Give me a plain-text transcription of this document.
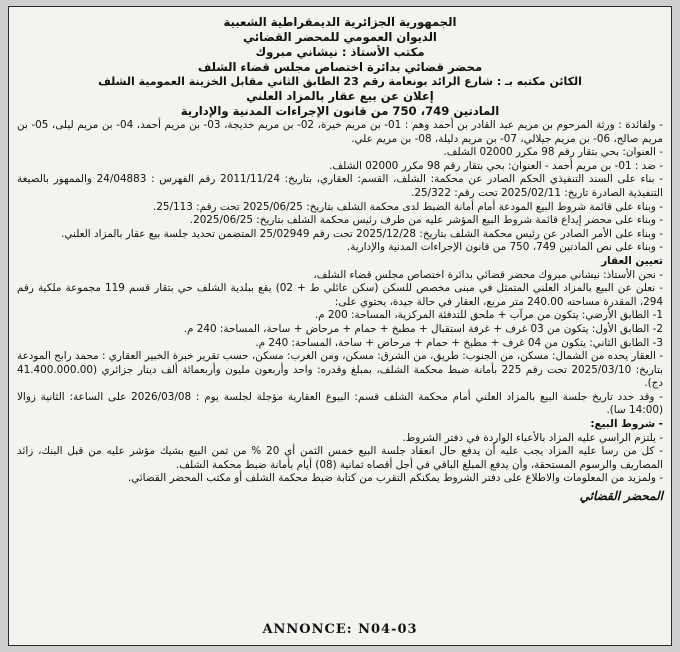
الجمهورية الجزائرية الديمقراطية الشعبية
الديوان العمومي للمحضر القضائي
مكتب الأستاذ : نيشاني مبروك
محضر قضائي بدائرة اختصاص مجلس قضاء الشلف
الكائن مكتبه بـ : شارع الرائد بونعامة رقم 23 الطابق الثاني مقابل الخزينة العمومية الشلف
إعلان عن بيع عقار بالمزاد العلني
المادتين 749، 750 من قانون الإجراءات المدنية والإدارية

- ولفائدة : ورثة المرحوم بن مريم عبد القادر بن أحمد وهم : 01- بن مريم خيرة، 02- بن مريم خديجة، 03- بن مريم أحمد، 04- بن مريم ليلى، 05- بن مريم صالح، 06- بن مريم جيلالي، 07- بن مريم دليلة، 08- بن مريم علي.

- العنوان: بحي بتقار رقم 98 مكرر 02000 الشلف.

- ضد : 01- بن مريم أحمد - العنوان: بحي بتقار رقم 98 مكرر 02000 الشلف.

- بناء على السند التنفيذي الحكم الصادر عن محكمة: الشلف، القسم: العقاري، بتاريخ: 2011/11/24 رقم الفهرس : 24/04883 والممهور بالصيغة التنفيذية الصادرة تاريخ: 2025/02/11 تحت رقم: 25/322.

- وبناء على قائمة شروط البيع المودعة أمام أمانة الضبط لدى محكمة الشلف بتاريخ: 2025/06/25 تحت رقم: 25/113.

- وبناء على محضر إيداع قائمة شروط البيع المؤشر عليه من طرف رئيس محكمة الشلف بتاريخ: 2025/06/25.

- وبناء على الأمر الصادر عن رئيس محكمة الشلف بتاريخ: 2025/12/28 تحت رقم 25/02949 المتضمن تحديد جلسة بيع عقار بالمزاد العلني.

- وبناء على نص المادتين 749، 750 من قانون الإجراءات المدنية والإدارية.

تعيين العقار

- نحن الأستاذ: نيشاني مبروك محضر قضائي بدائرة اختصاص مجلس قضاء الشلف،

- نعلن عن البيع بالمزاد العلني المتمثل في مبنى مخصص للسكن (سكن عائلي ط + 02) يقع ببلدية الشلف حي بتقار قسم 119 مجموعة ملكية رقم 294، المقدرة مساحته 240.00 متر مربع، العقار في حالة جيدة، يحتوي على:

1- الطابق الأرضي: يتكون من مرآب + ملحق للتدفئة المركزية، المساحة: 200 م.

2- الطابق الأول: يتكون من 03 غرف + غرفة استقبال + مطبخ + حمام + مرحاض + ساحة، المساحة: 240 م.

3- الطابق الثاني: يتكون من 04 غرف + مطبخ + حمام + مرحاض + ساحة، المساحة: 240 م.

- العقار يحده من الشمال: مسكن، من الجنوب: طريق، من الشرق: مسكن، ومن الغرب: مسكن، حسب تقرير خبرة الخبير العقاري : محمد رابح المودعة بتاريخ: 2025/03/10 تحت رقم 225 بأمانة ضبط محكمة الشلف، بمبلغ وقدره: واحد وأربعون مليون وأربعمائة ألف دينار جزائري (41.400.000.00 دج).

- وقد حدد تاريخ جلسة البيع بالمزاد العلني أمام محكمة الشلف قسم: البيوع العقارية مؤجلة لجلسة يوم : 2026/03/08 على الساعة: الثانية زوالا (14:00 سا).

- شروط البيع:

- يلتزم الراسي عليه المزاد بالأعباء الواردة في دفتر الشروط.

- كل من رسا عليه المزاد يجب عليه أن يدفع حال انعقاد جلسة البيع خمس الثمن أي 20 % من ثمن البيع بشيك مؤشر عليه من قبل البنك، زائد المصاريف والرسوم المستحقة، وأن يدفع المبلغ الباقي في أجل أقصاه ثمانية (08) أيام بأمانة ضبط محكمة الشلف.

- ولمزيد من المعلومات والاطلاع على دفتر الشروط يمكنكم التقرب من كتابة ضبط محكمة الشلف أو مكتب المحضر القضائي.

المحضر القضائي
ANNONCE: N04-03
